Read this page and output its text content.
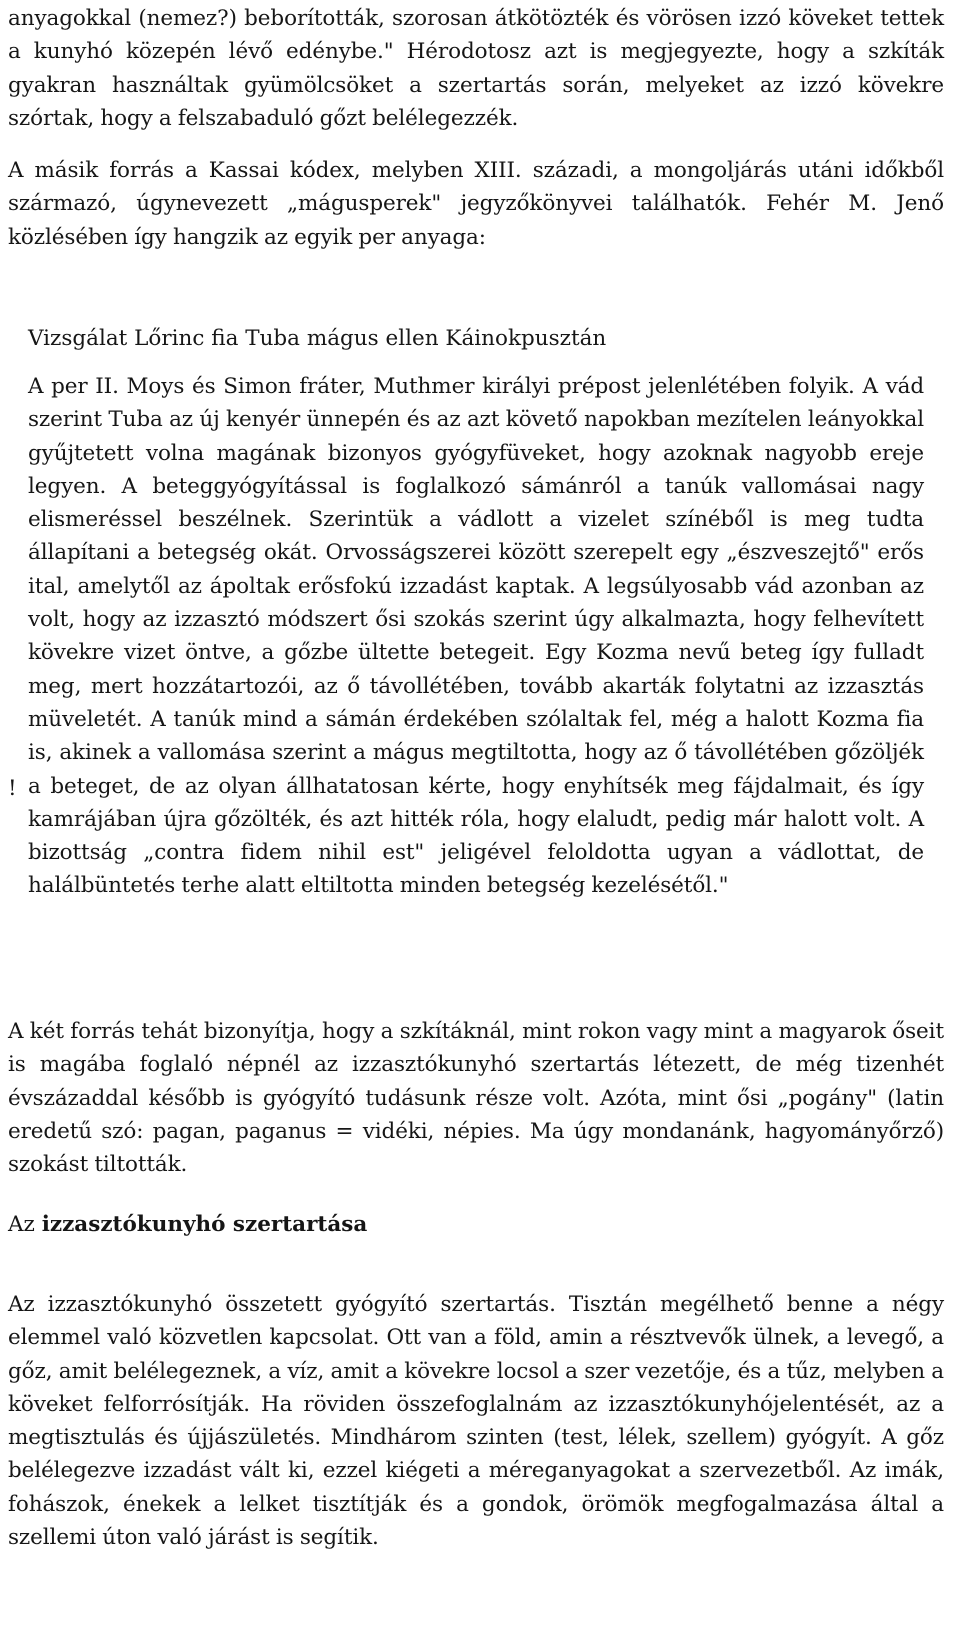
anyagokkal (nemez?) beborították, szorosan átkötözték és vörösen izzó köveket tettek a kunyhó közepén lévő edénybe." Hérodotosz azt is megjegyezte, hogy a szkíták gyakran használtak gyümölcsöket a szertartás során, melyeket az izzó kövekre szórtak, hogy a felszabaduló gőzt belélegezzék.

A másik forrás a Kassai kódex, melyben XIII. századi, a mongoljárás utáni időkből származó, úgynevezett „mágusperek" jegyzőkönyvei találhatók. Fehér M. Jenő közlésében így hangzik az egyik per anyaga:

Vizsgálat Lőrinc fia Tuba mágus ellen Káinokpusztán

A per II. Moys és Simon fráter, Muthmer királyi prépost jelenlétében folyik. A vád szerint Tuba az új kenyér ünnepén és az azt követő napokban mezítelen leányokkal gyűjtetett volna magának bizonyos gyógyfüveket, hogy azoknak nagyobb ereje legyen. A beteggyógyítással is foglalkozó sámánról a tanúk vallomásai nagy elismeréssel beszélnek. Szerintük a vádlott a vizelet színéből is meg tudta állapítani a betegség okát. Orvosságszerei között szerepelt egy „észveszejtő" erős ital, amelytől az ápoltak erősfokú izzadást kaptak. A legsúlyosabb vád azonban az volt, hogy az izzasztó módszert ősi szokás szerint úgy alkalmazta, hogy felhevített kövekre vizet öntve, a gőzbe ültette betegeit. Egy Kozma nevű beteg így fulladt meg, mert hozzátartozói, az ő távollétében, tovább akarták folytatni az izzasztás müveletét. A tanúk mind a sámán érdekében szólaltak fel, még a halott Kozma fia is, akinek a vallomása szerint a mágus megtiltotta, hogy az ő távollétében gőzöljék a beteget, de az olyan állhatatosan kérte, hogy enyhítsék meg fájdalmait, és így kamrájában újra gőzölték, és azt hitték róla, hogy elaludt, pedig már halott volt. A bizottság „contra fidem nihil est" jeligével feloldotta ugyan a vádlottat, de halálbüntetés terhe alatt eltiltotta minden betegség kezelésétől."

!

A két forrás tehát bizonyítja, hogy a szkítáknál, mint rokon vagy mint a magyarok őseit is magába foglaló népnél az izzasztókunyhó szertartás létezett, de még tizenhét évszázaddal később is gyógyító tudásunk része volt. Azóta, mint ősi „pogány" (latin eredetű szó: pagan, paganus = vidéki, népies. Ma úgy mondanánk, hagyományőrző) szokást tiltották.

Az izzasztókunyhó szertartása

Az izzasztókunyhó összetett gyógyító szertartás. Tisztán megélhető benne a négy elemmel való közvetlen kapcsolat. Ott van a föld, amin a résztvevők ülnek, a levegő, a gőz, amit belélegeznek, a víz, amit a kövekre locsol a szer vezetője, és a tűz, melyben a köveket felforrósítják. Ha röviden összefoglalnám az izzasztókunyhójelentését, az a megtisztulás és újjászületés. Mindhárom szinten (test, lélek, szellem) gyógyít. A gőz belélegezve izzadást vált ki, ezzel kiégeti a méreganyagokat a szervezetből. Az imák, fohászok, énekek a lelket tisztítják és a gondok, örömök megfogalmazása által a szellemi úton való járást is segítik.
